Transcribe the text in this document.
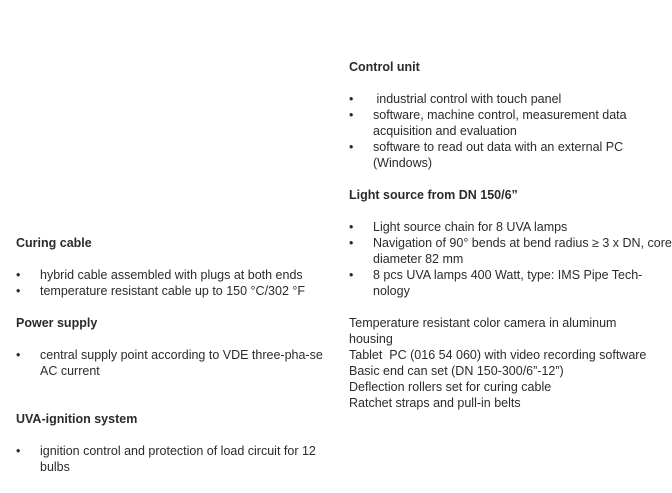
Curing cable
• hybrid cable assembled with plugs at both ends
• temperature resistant cable up to 150 °C/302 °F
Power supply
• central supply point according to VDE three-pha-se AC current
UVA-ignition system
• ignition control and protection of load circuit for 12 bulbs
Control unit
• industrial control with touch panel
• software, machine control, measurement data acquisition and evaluation
• software to read out data with an external PC (Windows)
Light source from DN 150/6”
• Light source chain for 8 UVA lamps
• Navigation of 90° bends at bend radius ≥ 3 x DN, core diameter 82 mm
• 8 pcs UVA lamps 400 Watt, type: IMS Pipe Tech-nology

Temperature resistant color camera in aluminum

housing

Tablet  PC (016 54 060) with video recording software

Basic end can set (DN 150-300/6”-12”)

Deflection rollers set for curing cable

Ratchet straps and pull-in belts
